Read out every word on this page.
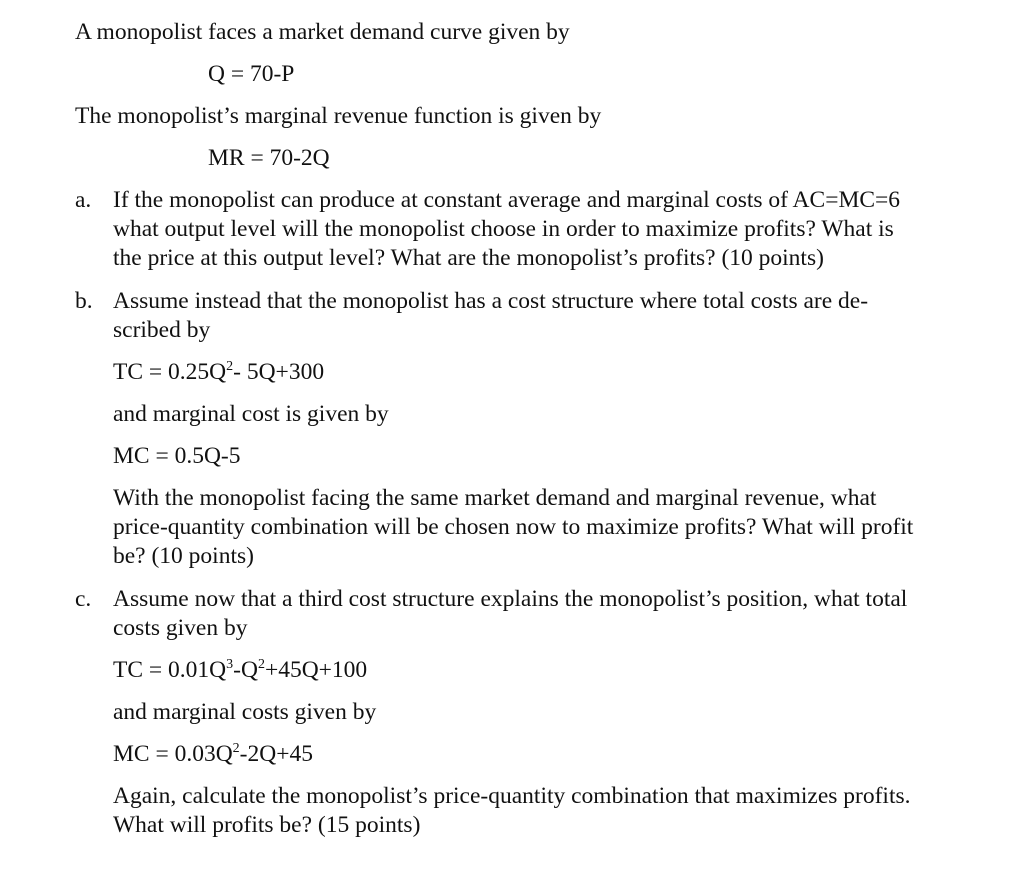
A monopolist faces a market demand curve given by
Q = 70-P
The monopolist’s marginal revenue function is given by
MR = 70-2Q
a. If the monopolist can produce at constant average and marginal costs of AC=MC=6
what output level will the monopolist choose in order to maximize profits? What is
the price at this output level? What are the monopolist’s profits? (10 points)
b. Assume instead that the monopolist has a cost structure where total costs are de-
scribed by
TC = $0.25Q^2-$ 5Q+300
and marginal cost is given by
MC = 0.5Q-5
With the monopolist facing the same market demand and marginal revenue, what
price-quantity combination will be chosen now to maximize profits? What will profit
be? (10 points)
c. Assume now that a third cost structure explains the monopolist’s position, what total
costs given by
TC = $0.01Q^3-Q^2+45Q+100$
and marginal costs given by
MC = $0.03Q^2-2Q+45$
Again, calculate the monopolist’s price-quantity combination that maximizes profits.
What will profits be? (15 points)
